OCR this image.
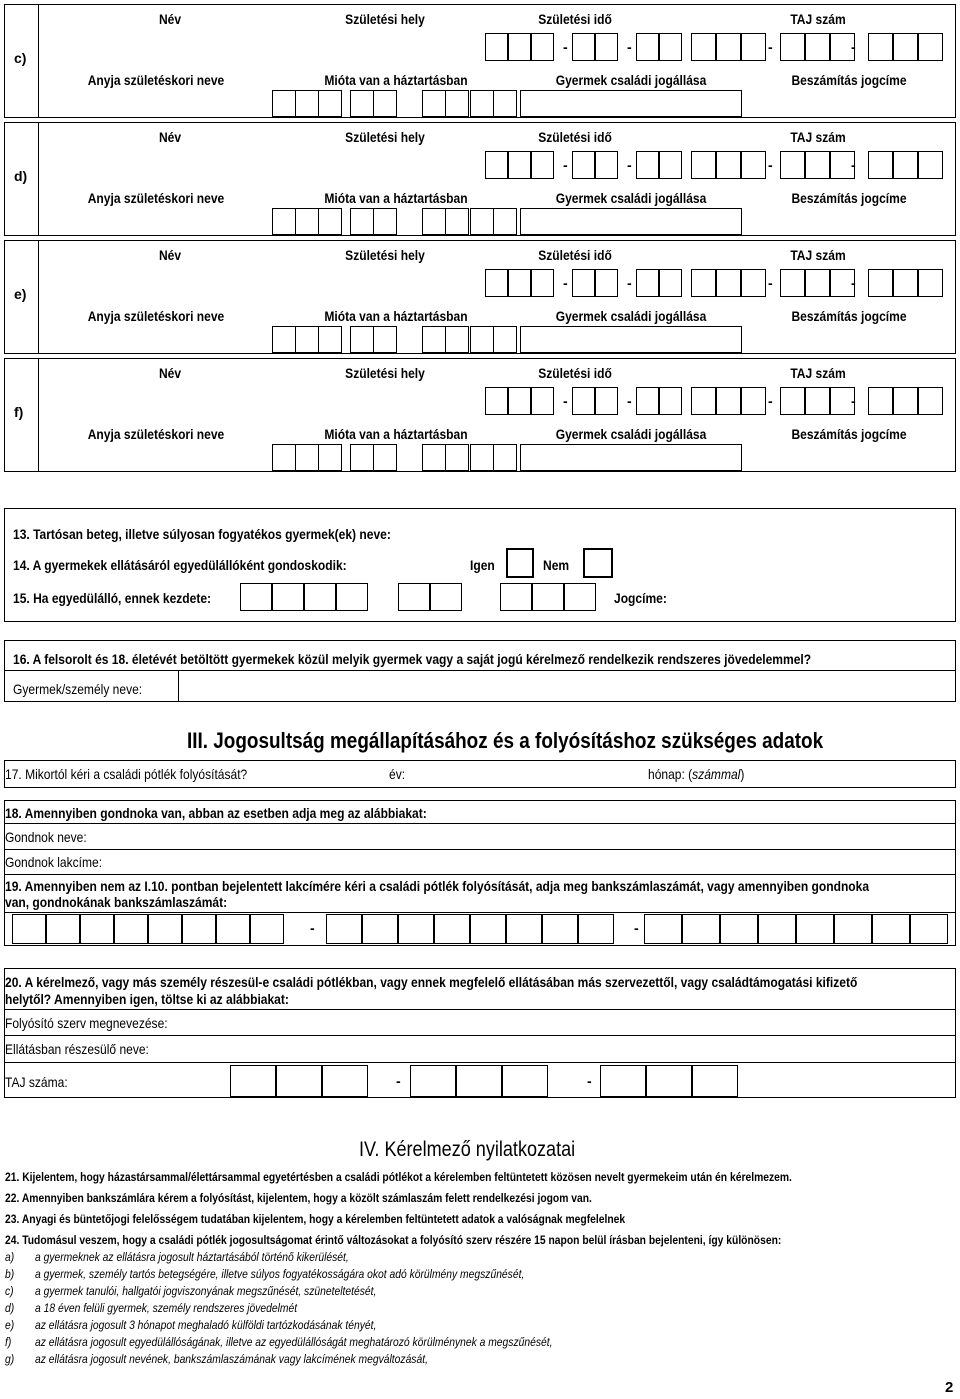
c)
Név	Születési hely	Születési idő	TAJ szám
Anyja születéskori neve	Mióta van a háztartásban	Gyermek családi jogállása	Beszámítás jogcíme
-	-	-	-
d)
Név	Születési hely	Születési idő	TAJ szám
Anyja születéskori neve	Mióta van a háztartásban	Gyermek családi jogállása	Beszámítás jogcíme
-	-	-	-
e)
Név	Születési hely	Születési idő	TAJ szám
Anyja születéskori neve	Mióta van a háztartásban	Gyermek családi jogállása	Beszámítás jogcíme
-	-	-	-
f)
Név	Születési hely	Születési idő	TAJ szám
Anyja születéskori neve	Mióta van a háztartásban	Gyermek családi jogállása	Beszámítás jogcíme
-	-	-	-
13. Tartósan beteg, illetve súlyosan fogyatékos gyermek(ek) neve:
14. A gyermekek ellátásáról egyedülállóként gondoskodik:	Igen	Nem
15. Ha egyedülálló, ennek kezdete:	Jogcíme:
16. A felsorolt és 18. életévét betöltött gyermekek közül melyik gyermek vagy a saját jogú kérelmező rendelkezik rendszeres jövedelemmel?
Gyermek/személy neve:
III. Jogosultság megállapításához és a folyósításhoz szükséges adatok
17. Mikortól kéri a családi pótlék folyósítását?	év:	hónap: (számmal)
18. Amennyiben gondnoka van, abban az esetben adja meg az alábbiakat:
Gondnok neve:
Gondnok lakcíme:
19. Amennyiben nem az I.10. pontban bejelentett lakcímére kéri a családi pótlék folyósítását, adja meg bankszámlaszámát, vagy amennyiben gondnoka
van, gondnokának bankszámlaszámát:
-	-
20. A kérelmező, vagy más személy részesül-e családi pótlékban, vagy ennek megfelelő ellátásában más szervezettől, vagy családtámogatási kifizető
helytől? Amennyiben igen, töltse ki az alábbiakat:
Folyósító szerv megnevezése:
Ellátásban részesülő neve:
TAJ száma:	-	-
IV. Kérelmező nyilatkozatai
21. Kijelentem, hogy házastársammal/élettársammal egyetértésben a családi pótlékot a kérelemben feltüntetett közösen nevelt gyermekeim után én kérelmezem.
22. Amennyiben bankszámlára kérem a folyósítást, kijelentem, hogy a közölt számlaszám felett rendelkezési jogom van.
23. Anyagi és büntetőjogi felelősségem tudatában kijelentem, hogy a kérelemben feltüntetett adatok a valóságnak megfelelnek
24. Tudomásul veszem, hogy a családi pótlék jogosultságomat érintő változásokat a folyósító szerv részére 15 napon belül írásban bejelenteni, így különösen:
a) a gyermeknek az ellátásra jogosult háztartásából történő kikerülését,
b) a gyermek, személy tartós betegségére, illetve súlyos fogyatékosságára okot adó körülmény megszűnését,
c) a gyermek tanulói, hallgatói jogviszonyának megszűnését, szüneteltetését,
d) a 18 éven felüli gyermek, személy rendszeres jövedelmét
e) az ellátásra jogosult 3 hónapot meghaladó külföldi tartózkodásának tényét,
f) az ellátásra jogosult egyedülállóságának, illetve az egyedülállóságát meghatározó körülménynek a megszűnését,
g) az ellátásra jogosult nevének, bankszámlaszámának vagy lakcímének megváltozását,
2
